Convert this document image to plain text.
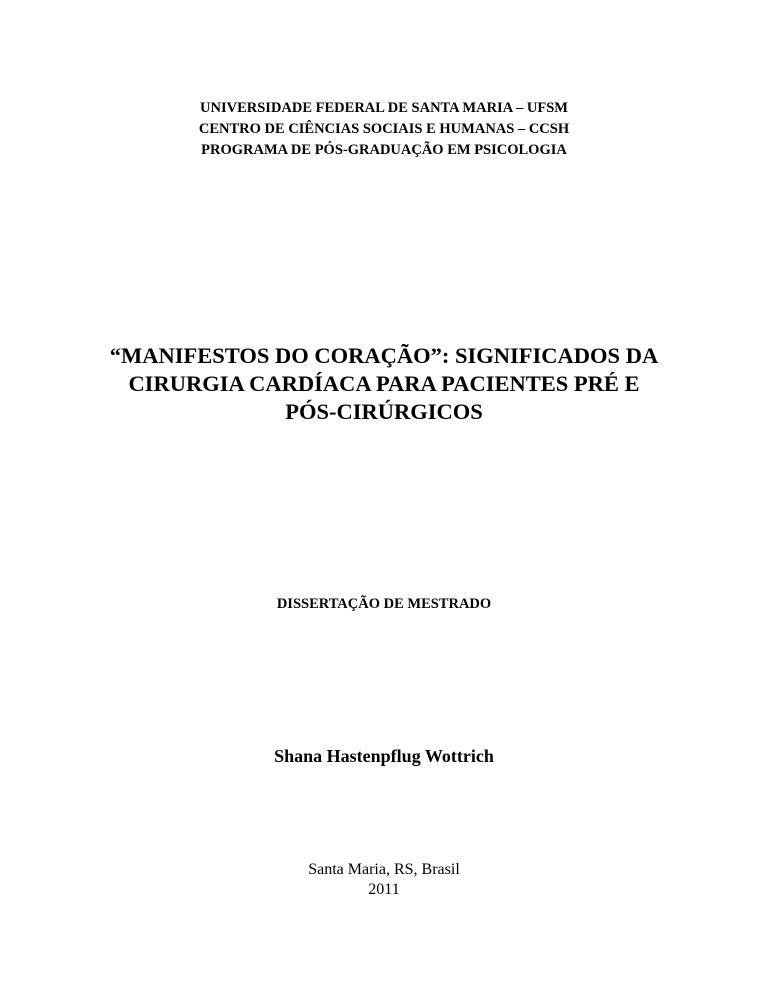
UNIVERSIDADE FEDERAL DE SANTA MARIA – UFSM
CENTRO DE CIÊNCIAS SOCIAIS E HUMANAS – CCSH
PROGRAMA DE PÓS-GRADUAÇÃO EM PSICOLOGIA
“MANIFESTOS DO CORAÇÃO”: SIGNIFICADOS DA
CIRURGIA CARDÍACA PARA PACIENTES PRÉ E
PÓS-CIRÚRGICOS
DISSERTAÇÃO DE MESTRADO
Shana Hastenpflug Wottrich
Santa Maria, RS, Brasil
2011
